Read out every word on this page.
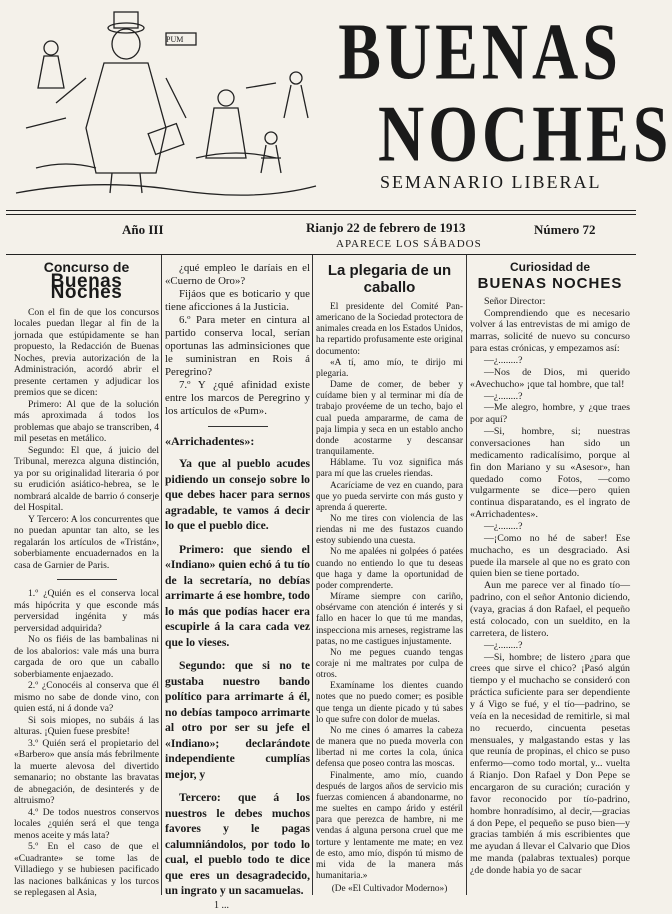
PUM BUENAS
NOCHES
SEMANARIO LIBERAL
Año III	Rianjo 22 de febrero de 1913
APARECE LOS SÁBADOS
Número 72
Concurso de
Buenas Noches

Con el fin de que los concursos locales puedan llegar al fin de la jornada que estúpidamente se han propuesto, la Redacción de Buenas Noches, previa autorización de la Administración, acordó abrir el presente certamen y adjudicar los premios que se dicen:

Primero: Al que de la solución más aproximada á todos los problemas que abajo se transcriben, 4 mil pesetas en metálico.

Segundo: El que, á juicio del Tribunal, merezca alguna distinción, ya por su originalidad literaria ó por su erudición asiático-hebrea, se le nombrará alcalde de barrio ó conserje del Hospital.

Y Tercero: A los concurrentes que no puedan apuntar tan alto, se les regalarán los artículos de «Tristán», soberbiamente encuadernados en la casa de Garnier de Paris.

1.º ¿Quién es el conserva local más hipócrita y que esconde más perversidad ingénita y más perversidad adquirida?

No os fiéis de las bambalinas ni de los abalorios: vale más una burra cargada de oro que un caballo soberbiamente enjaezado.

2.º ¿Conocéis al conserva que él mismo no sabe de donde vino, con quien está, ni á donde va?

Si sois miopes, no subáis á las alturas. ¡Quien fuese presbíte!

3.º Quién será el propietario del «Barbero» que ansía más febrilmente la muerte alevosa del divertido semanario; no obstante las bravatas de abnegación, de desinterés y de altruismo?

4.º De todos nuestros conservos locales ¿quién será el que tenga menos aceite y más lata?

5.º En el caso de que el «Cuadrante» se tome las de Villadiego y se hubiesen pacificado las naciones balkánicas y los turcos se replegasen al Asia,

¿qué empleo le daríais en el «Cuerno de Oro»?

Fijáos que es boticario y que tiene aficciones á la Justicia.

6.º Para meter en cintura al partido conserva local, serían oportunas las adminsiciones que le suministran en Rois á Peregrino?

7.º Y ¿qué afinidad existe entre los marcos de Peregrino y los artículos de «Pum».

«Arrichadentes»:

Ya que al pueblo acudes pidiendo un consejo sobre lo que debes hacer para sernos agradable, te vamos á decir lo que el pueblo dice.

Primero: que siendo el «Indiano» quien echó á tu tío de la secretaría, no debías arrimarte á ese hombre, todo lo más que podías hacer era escupirle á la cara cada vez que lo vieses.

Segundo: que si no te gustaba nuestro bando político para arrimarte á él, no debías tampoco arrimarte al otro por ser su jefe el «Indiano»; declarándote independiente cumplías mejor, y

Tercero: que á los nuestros le debes muchos favores y le pagas calumniándolos, por todo lo cual, el pueblo todo te dice que eres un desagradecido, un ingrato y un sacamuelas.

La plegaria de un caballo

El presidente del Comité Pan-americano de la Sociedad protectora de animales creada en los Estados Unidos, ha repartido profusamente este original documento:

«A tí, amo mío, te dirijo mi plegaria.

Dame de comer, de beber y cuídame bien y al terminar mi día de trabajo provéeme de un techo, bajo el cual pueda ampararme, de cama de paja limpia y seca en un establo ancho donde acostarme y descansar tranquilamente.

Háblame. Tu voz significa más para mí que las crueles riendas.

Acaríciame de vez en cuando, para que yo pueda servirte con más gusto y aprenda á quererte.

No me tires con violencia de las riendas ni me des fustazos cuando estoy subiendo una cuesta.

No me apalées ni golpées ó patées cuando no entiendo lo que tu deseas que haga y dame la oportunidad de poder comprenderte.

Mírame siempre con cariño, obsérvame con atención é interés y si fallo en hacer lo que tú me mandas, inspecciona mis arneses, registrame las patas, no me castigues injustamente.

No me pegues cuando tengas coraje ni me maltrates por culpa de otros.

Examíname los dientes cuando notes que no puedo comer; es posible que tenga un diente picado y tú sabes lo que sufre con dolor de muelas.

No me cines ó amarres la cabeza de manera que no pueda moverla con libertad ni me cortes la cola, única defensa que poseo contra las moscas.

Finalmente, amo mío, cuando después de largos años de servicio mis fuerzas comiencen á abandonarme, no me sueltes en campo árido y estéril para que perezca de hambre, ni me vendas á alguna persona cruel que me torture y lentamente me mate; en vez de esto, amo mío, dispón tú mismo de mi vida de la manera más humanitaria.»

(De «El Cultivador Moderno»)
Curiosidad de
BUENAS NOCHES

Señor Director:

Comprendiendo que es necesario volver á las entrevistas de mi amigo de marras, solicité de nuevo su concurso para estas crónicas, y empezamos así:

—¿........?

—Nos de Dios, mi querido «Avechucho» ¡que tal hombre, que tal!

—¿........?

—Me alegro, hombre, y ¿que traes por aquí?

—Si, hombre, si; nuestras conversaciones han sido un medicamento radicalísimo, porque al fin don Mariano y su «Asesor», han quedado como Fotos, —como vulgarmente se dice—pero quien continua disparatando, es el ingrato de «Arrichadentes».

—¿........?

—¡Como no hé de saber! Ese muchacho, es un desgraciado. Asi puede ila marsele al que no es grato con quien bien se tiene portado.

Aun me parece ver al finado tío—padrino, con el señor Antonio diciendo, (vaya, gracias á don Rafael, el pequeño está colocado, con un sueldito, en la carretera, de listero.

—¿........?

—Si, hombre; de listero ¿para que crees que sirve el chico? ¡Pasó algún tiempo y el muchacho se consideró con práctica suficiente para ser dependiente y á Vigo se fué, y el tío—padrino, se veía en la necesidad de remitirle, si mal no recuerdo, cincuenta pesetas mensuales, y malgastando estas y las que reunía de propinas, el chico se puso enfermo—como todo mortal, y... vuelta á Rianjo. Don Rafael y Don Pepe se encargaron de su curación; curación y favor reconocido por tío-padrino, hombre honradísimo, al decir,—gracias á don Pepe, el pequeño se puso bien—y gracias también á mis escribientes que me ayudan á llevar el Calvario que Dios me manda (palabras textuales) porque ¿de donde habia yo de sacar

1 ...
